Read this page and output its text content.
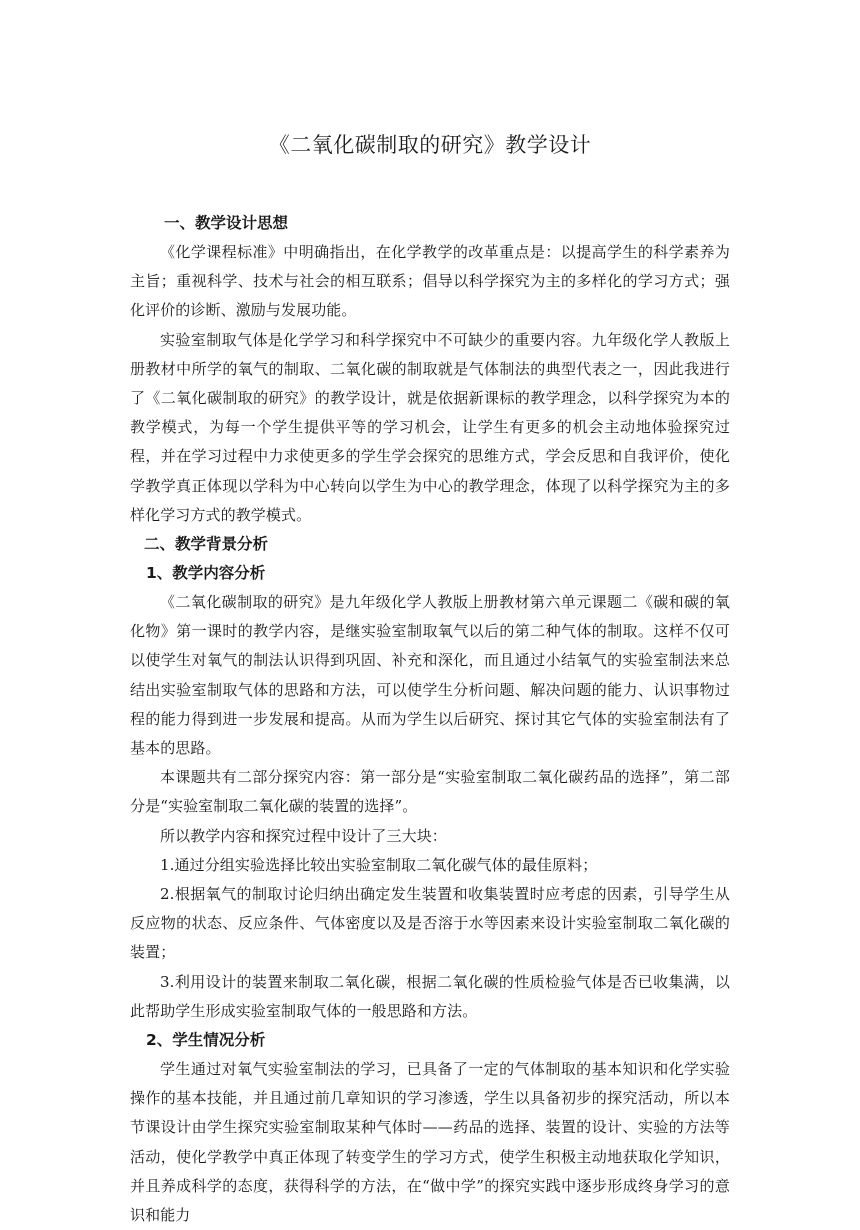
《二氧化碳制取的研究》教学设计
一、教学设计思想

《化学课程标准》中明确指出，在化学教学的改革重点是：以提高学生的科学素养为主旨；重视科学、技术与社会的相互联系；倡导以科学探究为主的多样化的学习方式；强化评价的诊断、激励与发展功能。

实验室制取气体是化学学习和科学探究中不可缺少的重要内容。九年级化学人教版上册教材中所学的氧气的制取、二氧化碳的制取就是气体制法的典型代表之一，因此我进行了《二氧化碳制取的研究》的教学设计，就是依据新课标的教学理念，以科学探究为本的教学模式，为每一个学生提供平等的学习机会，让学生有更多的机会主动地体验探究过程，并在学习过程中力求使更多的学生学会探究的思维方式，学会反思和自我评价，使化学教学真正体现以学科为中心转向以学生为中心的教学理念，体现了以科学探究为主的多样化学习方式的教学模式。

二、教学背景分析
1、教学内容分析

《二氧化碳制取的研究》是九年级化学人教版上册教材第六单元课题二《碳和碳的氧化物》第一课时的教学内容，是继实验室制取氧气以后的第二种气体的制取。这样不仅可以使学生对氧气的制法认识得到巩固、补充和深化，而且通过小结氧气的实验室制法来总结出实验室制取气体的思路和方法，可以使学生分析问题、解决问题的能力、认识事物过程的能力得到进一步发展和提高。从而为学生以后研究、探讨其它气体的实验室制法有了基本的思路。

本课题共有二部分探究内容：第一部分是“实验室制取二氧化碳药品的选择”，第二部分是“实验室制取二氧化碳的装置的选择”。

所以教学内容和探究过程中设计了三大块：

1.通过分组实验选择比较出实验室制取二氧化碳气体的最佳原料；

2.根据氧气的制取讨论归纳出确定发生装置和收集装置时应考虑的因素，引导学生从反应物的状态、反应条件、气体密度以及是否溶于水等因素来设计实验室制取二氧化碳的装置；

3.利用设计的装置来制取二氧化碳，根据二氧化碳的性质检验气体是否已收集满，以此帮助学生形成实验室制取气体的一般思路和方法。

2、学生情况分析

学生通过对氧气实验室制法的学习，已具备了一定的气体制取的基本知识和化学实验操作的基本技能，并且通过前几章知识的学习渗透，学生以具备初步的探究活动，所以本节课设计由学生探究实验室制取某种气体时——药品的选择、装置的设计、实验的方法等活动，使化学教学中真正体现了转变学生的学习方式，使学生积极主动地获取化学知识，并且养成科学的态度，获得科学的方法，在“做中学”的探究实践中逐步形成终身学习的意识和能力
